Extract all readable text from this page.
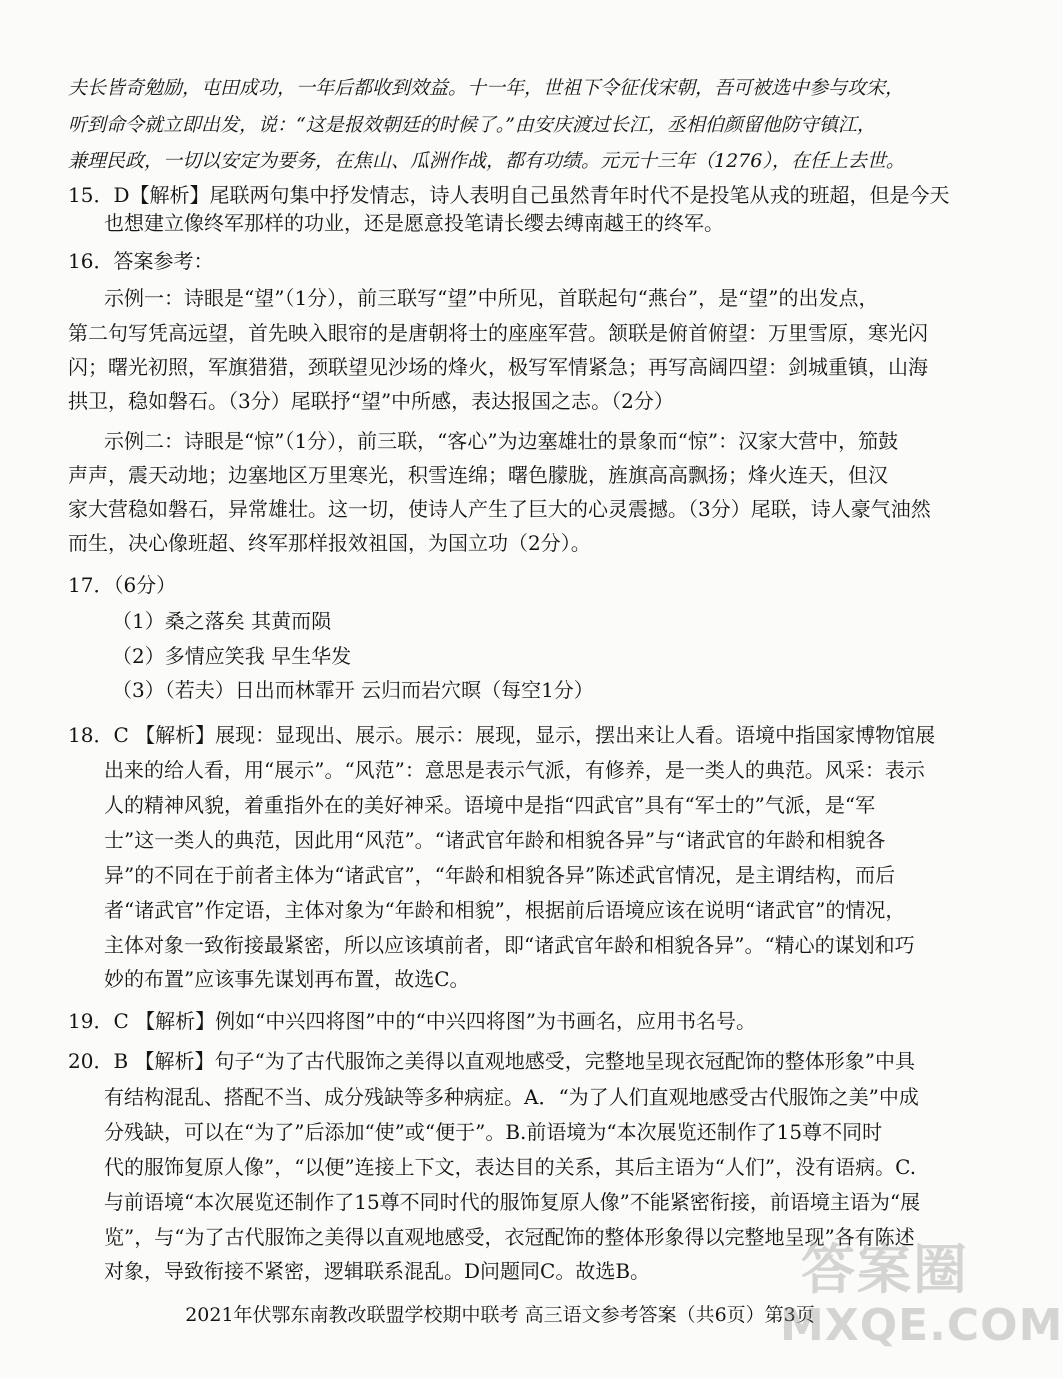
夫长皆奇勉励，屯田成功，一年后都收到效益。十一年，世祖下令征伐宋朝，吾可被选中参与攻宋，
听到命令就立即出发，说：“这是报效朝廷的时候了。”由安庆渡过长江，丞相伯颜留他防守镇江，
兼理民政，一切以安定为要务，在焦山、瓜洲作战，都有功绩。元元十三年（1276），在任上去世。
15．D【解析】尾联两句集中抒发情志，诗人表明自己虽然青年时代不是投笔从戎的班超，但是今天
也想建立像终军那样的功业，还是愿意投笔请长缨去缚南越王的终军。
16．答案参考：
示例一：诗眼是“望”（1分），前三联写“望”中所见，首联起句“燕台”，是“望”的出发点，
第二句写凭高远望，首先映入眼帘的是唐朝将士的座座军营。颔联是俯首俯望：万里雪原，寒光闪
闪；曙光初照，军旗猎猎，颈联望见沙场的烽火，极写军情紧急；再写高阔四望：剑城重镇，山海
拱卫，稳如磐石。（3分）尾联抒“望”中所感，表达报国之志。（2分）
示例二：诗眼是“惊”（1分），前三联，“客心”为边塞雄壮的景象而“惊”：汉家大营中，笳鼓
声声，震天动地；边塞地区万里寒光，积雪连绵；曙色朦胧，旌旗高高飘扬；烽火连天，但汉
家大营稳如磐石，异常雄壮。这一切，使诗人产生了巨大的心灵震撼。（3分）尾联，诗人豪气油然
而生，决心像班超、终军那样报效祖国，为国立功（2分）。
17．（6分）
（1）桑之落矣 其黄而陨
（2）多情应笑我 早生华发
（3）（若夫）日出而林霏开 云归而岩穴暝（每空1分）
18．C 【解析】展现：显现出、展示。展示：展现，显示，摆出来让人看。语境中指国家博物馆展
出来的给人看，用“展示”。“风范”：意思是表示气派，有修养，是一类人的典范。风采：表示
人的精神风貌，着重指外在的美好神采。语境中是指“四武官”具有“军士的”气派，是“军
士”这一类人的典范，因此用“风范”。“诸武官年龄和相貌各异”与“诸武官的年龄和相貌各
异”的不同在于前者主体为“诸武官”，“年龄和相貌各异”陈述武官情况，是主谓结构，而后
者“诸武官”作定语，主体对象为“年龄和相貌”，根据前后语境应该在说明“诸武官”的情况，
主体对象一致衔接最紧密，所以应该填前者，即“诸武官年龄和相貌各异”。“精心的谋划和巧
妙的布置”应该事先谋划再布置，故选C。
19．C 【解析】例如“中兴四将图”中的“中兴四将图”为书画名，应用书名号。
20．B 【解析】句子“为了古代服饰之美得以直观地感受，完整地呈现衣冠配饰的整体形象”中具
有结构混乱、搭配不当、成分残缺等多种病症。A．“为了人们直观地感受古代服饰之美”中成
分残缺，可以在“为了”后添加“使”或“便于”。B.前语境为“本次展览还制作了15尊不同时
代的服饰复原人像”，“以便”连接上下文，表达目的关系，其后主语为“人们”，没有语病。C.
与前语境“本次展览还制作了15尊不同时代的服饰复原人像”不能紧密衔接，前语境主语为“展
览”，与“为了古代服饰之美得以直观地感受，衣冠配饰的整体形象得以完整地呈现”各有陈述
对象，导致衔接不紧密，逻辑联系混乱。D问题同C。故选B。
2021年伏鄂东南教改联盟学校期中联考 高三语文参考答案（共6页）第3页
答案圈
MXQE.COM
